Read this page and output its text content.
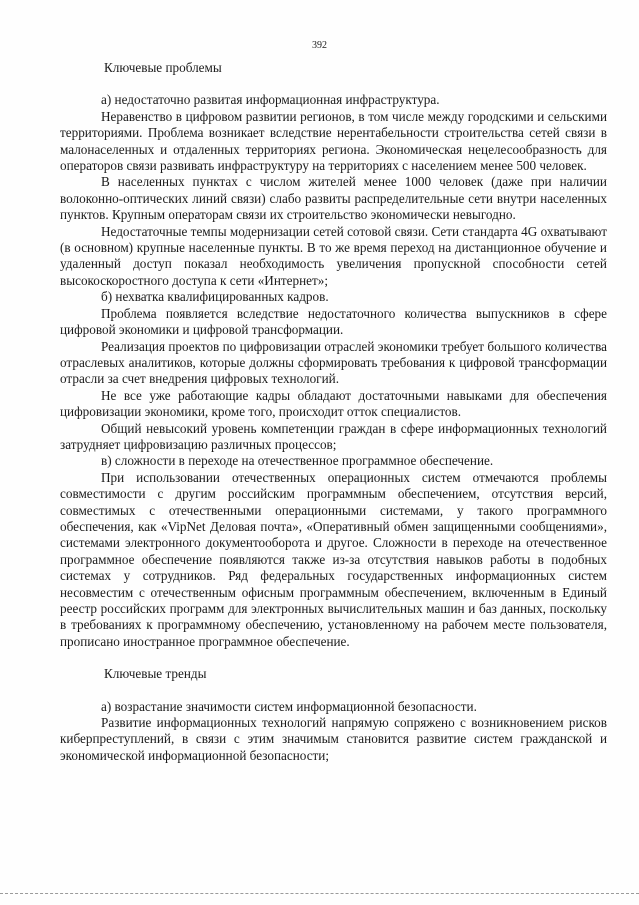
392

Ключевые проблемы

а) недостаточно развитая информационная инфраструктура.

Неравенство в цифровом развитии регионов, в том числе между городскими и сельскими территориями. Проблема возникает вследствие нерентабельности строительства сетей связи в малонаселенных и отдаленных территориях региона. Экономическая нецелесообразность для операторов связи развивать инфраструктуру на территориях с населением менее 500 человек.

В населенных пунктах с числом жителей менее 1000 человек (даже при наличии волоконно-оптических линий связи) слабо развиты распределительные сети внутри населенных пунктов. Крупным операторам связи их строительство экономически невыгодно.

Недостаточные темпы модернизации сетей сотовой связи. Сети стандарта 4G охватывают (в основном) крупные населенные пункты. В то же время переход на дистанционное обучение и удаленный доступ показал необходимость увеличения пропускной способности сетей высокоскоростного доступа к сети «Интернет»;

б) нехватка квалифицированных кадров.

Проблема появляется вследствие недостаточного количества выпускников в сфере цифровой экономики и цифровой трансформации.

Реализация проектов по цифровизации отраслей экономики требует большого количества отраслевых аналитиков, которые должны сформировать требования к цифровой трансформации отрасли за счет внедрения цифровых технологий.

Не все уже работающие кадры обладают достаточными навыками для обеспечения цифровизации экономики, кроме того, происходит отток специалистов.

Общий невысокий уровень компетенции граждан в сфере информационных технологий затрудняет цифровизацию различных процессов;

в) сложности в переходе на отечественное программное обеспечение.

При использовании отечественных операционных систем отмечаются проблемы совместимости с другим российским программным обеспечением, отсутствия версий, совместимых с отечественными операционными системами, у такого программного обеспечения, как «VipNet Деловая почта», «Оперативный обмен защищенными сообщениями», системами электронного документооборота и другое. Сложности в переходе на отечественное программное обеспечение появляются также из-за отсутствия навыков работы в подобных системах у сотрудников. Ряд федеральных государственных информационных систем несовместим с отечественным офисным программным обеспечением, включенным в Единый реестр российских программ для электронных вычислительных машин и баз данных, поскольку в требованиях к программному обеспечению, установленному на рабочем месте пользователя, прописано иностранное программное обеспечение.

Ключевые тренды

а) возрастание значимости систем информационной безопасности.

Развитие информационных технологий напрямую сопряжено с возникновением рисков киберпреступлений, в связи с этим значимым становится развитие систем гражданской и экономической информационной безопасности;
